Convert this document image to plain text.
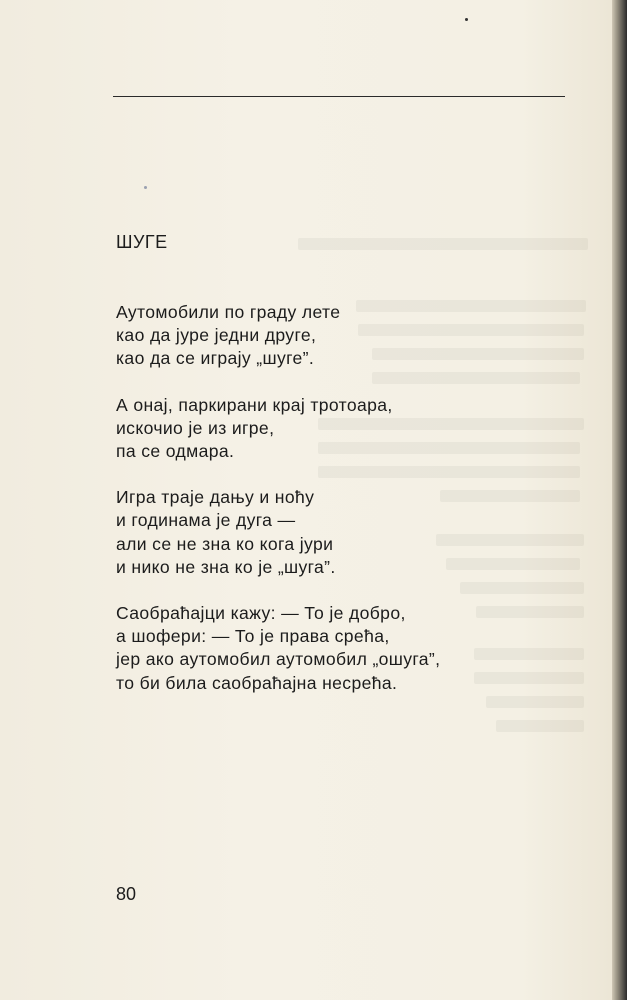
ШУГЕ
Аутомобили по граду лете
као да јуре једни друге,
као да се играју „шуге”.
А онај, паркирани крај тротоара,
искочио је из игре,
па се одмара.
Игра траје дању и ноћу
и годинама је дуга —
али се не зна ко кога јури
и нико не зна ко је „шуга”.
Саобраћајци кажу: — То је добро,
а шофери: — То је права срећа,
јер ако аутомобил аутомобил „ошуга”,
то би била саобраћајна несрећа.
80
